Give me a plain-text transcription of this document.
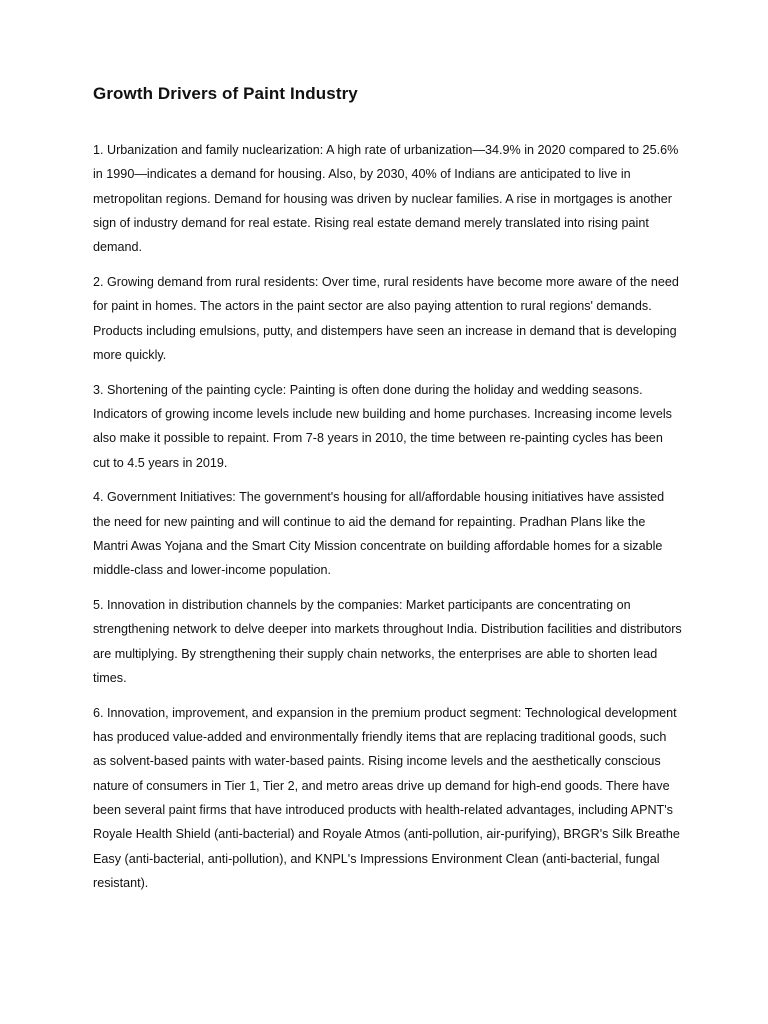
Growth Drivers of Paint Industry

1. Urbanization and family nuclearization: A high rate of urbanization—34.9% in 2020 compared to 25.6% in 1990—indicates a demand for housing. Also, by 2030, 40% of Indians are anticipated to live in metropolitan regions. Demand for housing was driven by nuclear families. A rise in mortgages is another sign of industry demand for real estate. Rising real estate demand merely translated into rising paint demand.

2. Growing demand from rural residents: Over time, rural residents have become more aware of the need for paint in homes. The actors in the paint sector are also paying attention to rural regions' demands. Products including emulsions, putty, and distempers have seen an increase in demand that is developing more quickly.

3. Shortening of the painting cycle: Painting is often done during the holiday and wedding seasons. Indicators of growing income levels include new building and home purchases. Increasing income levels also make it possible to repaint. From 7-8 years in 2010, the time between re-painting cycles has been cut to 4.5 years in 2019.

4. Government Initiatives: The government's housing for all/affordable housing initiatives have assisted the need for new painting and will continue to aid the demand for repainting. Pradhan Plans like the Mantri Awas Yojana and the Smart City Mission concentrate on building affordable homes for a sizable middle-class and lower-income population.

5. Innovation in distribution channels by the companies: Market participants are concentrating on strengthening network to delve deeper into markets throughout India. Distribution facilities and distributors are multiplying. By strengthening their supply chain networks, the enterprises are able to shorten lead times.

6. Innovation, improvement, and expansion in the premium product segment: Technological development has produced value-added and environmentally friendly items that are replacing traditional goods, such as solvent-based paints with water-based paints. Rising income levels and the aesthetically conscious nature of consumers in Tier 1, Tier 2, and metro areas drive up demand for high-end goods. There have been several paint firms that have introduced products with health-related advantages, including APNT's Royale Health Shield (anti-bacterial) and Royale Atmos (anti-pollution, air-purifying), BRGR's Silk Breathe Easy (anti-bacterial, anti-pollution), and KNPL's Impressions Environment Clean (anti-bacterial, fungal resistant).
